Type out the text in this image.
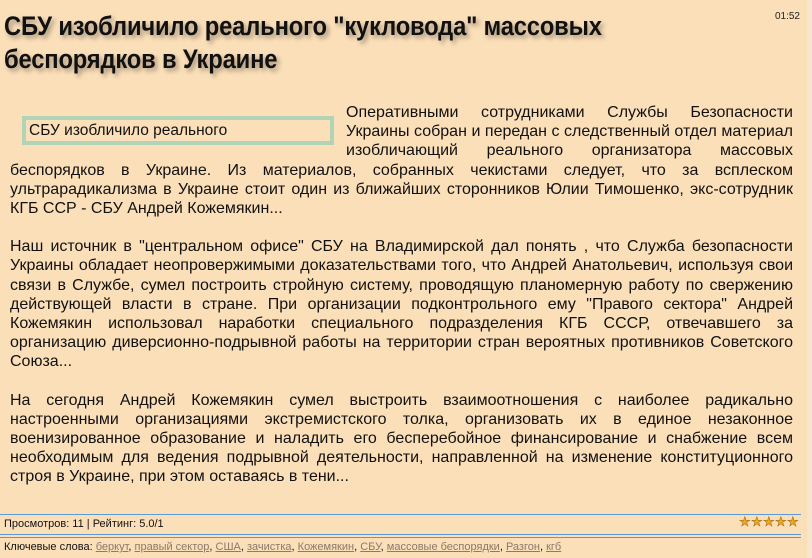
01:52
СБУ изобличило реального "кукловода" массовых беспорядков в Украине

СБУ изобличило реального
Оперативными сотрудниками Службы Безопасности Украины собран и передан с следственный отдел материал изобличающий реального организатора массовых беспорядков в Украине. Из материалов, собранных чекистами следует, что за всплеском ультрарадикализма в Украине стоит один из ближайших сторонников Юлии Тимошенко, экс-сотрудник КГБ ССР - СБУ Андрей Кожемякин...

Наш источник в "центральном офисе" СБУ на Владимирской дал понять , что Служба безопасности Украины обладает неопровержимыми доказательствами того, что Андрей Анатольевич, используя свои связи в Службе, сумел построить стройную систему, проводящую планомерную работу по свержению действующей власти в стране. При организации подконтрольного ему "Правого сектора" Андрей Кожемякин использовал наработки специального подразделения КГБ СССР, отвечавшего за организацию диверсионно-подрывной работы на территории стран вероятных противников Советского Союза...

На сегодня Андрей Кожемякин сумел выстроить взаимоотношения с наиболее радикально настроенными организациями экстремистского толка, организовать их в единое незаконное военизированное образование и наладить его бесперебойное финансирование и снабжение всем необходимым для ведения подрывной деятельности, направленной на изменение конституционного строя в Украине, при этом оставаясь в тени...

Просмотров: 11 | Рейтинг: 5.0/1	★ ★ ★ ★ ★
Ключевые слова: беркут, правый сектор, США, зачистка, Кожемякин, СБУ, массовые беспорядки, Разгон, кгб
